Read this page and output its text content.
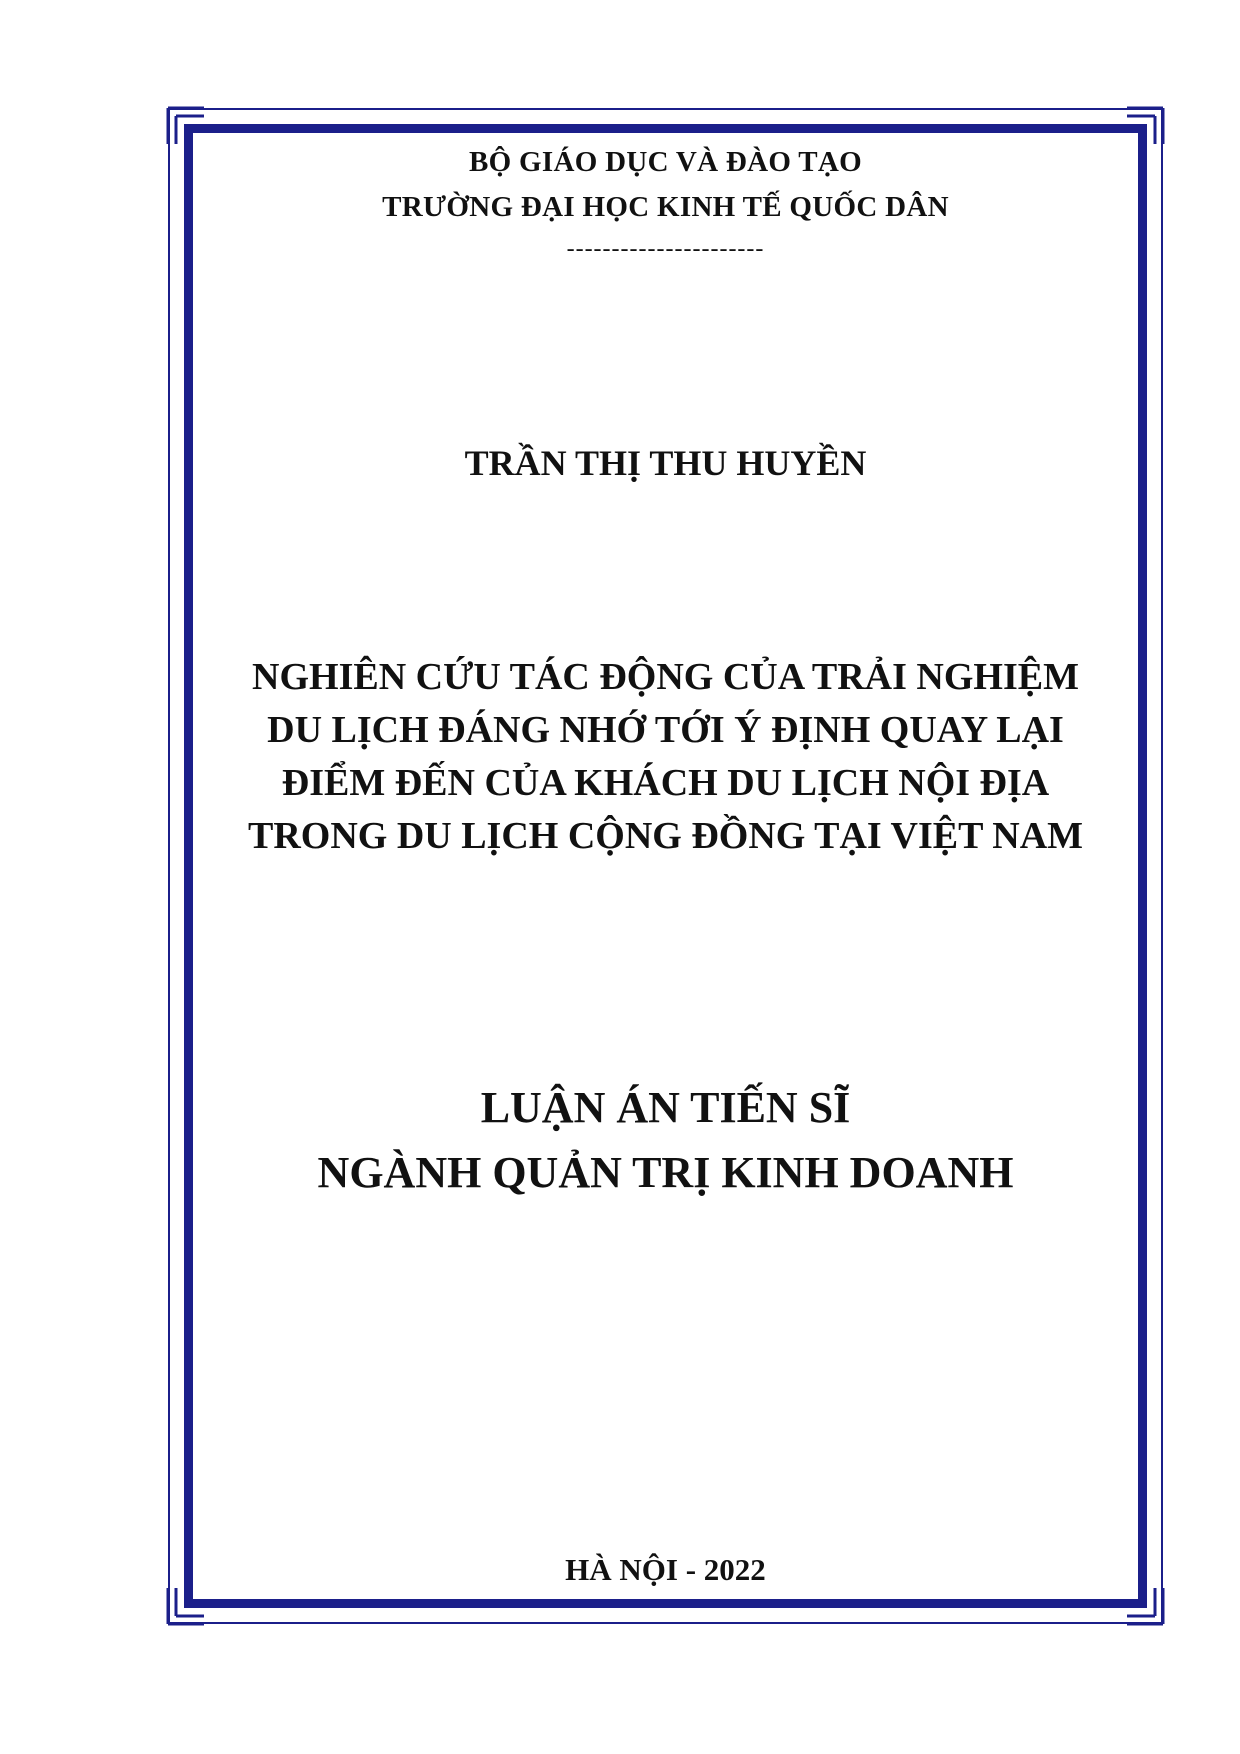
BỘ GIÁO DỤC VÀ ĐÀO TẠO
TRƯỜNG ĐẠI HỌC KINH TẾ QUỐC DÂN
----------------------
TRẦN THỊ THU HUYỀN
NGHIÊN CỨU TÁC ĐỘNG CỦA TRẢI NGHIỆM
DU LỊCH ĐÁNG NHỚ TỚI Ý ĐỊNH QUAY LẠI
ĐIỂM ĐẾN CỦA KHÁCH DU LỊCH NỘI ĐỊA
TRONG DU LỊCH CỘNG ĐỒNG TẠI VIỆT NAM
LUẬN ÁN TIẾN SĨ
NGÀNH QUẢN TRỊ KINH DOANH
HÀ NỘI - 2022
